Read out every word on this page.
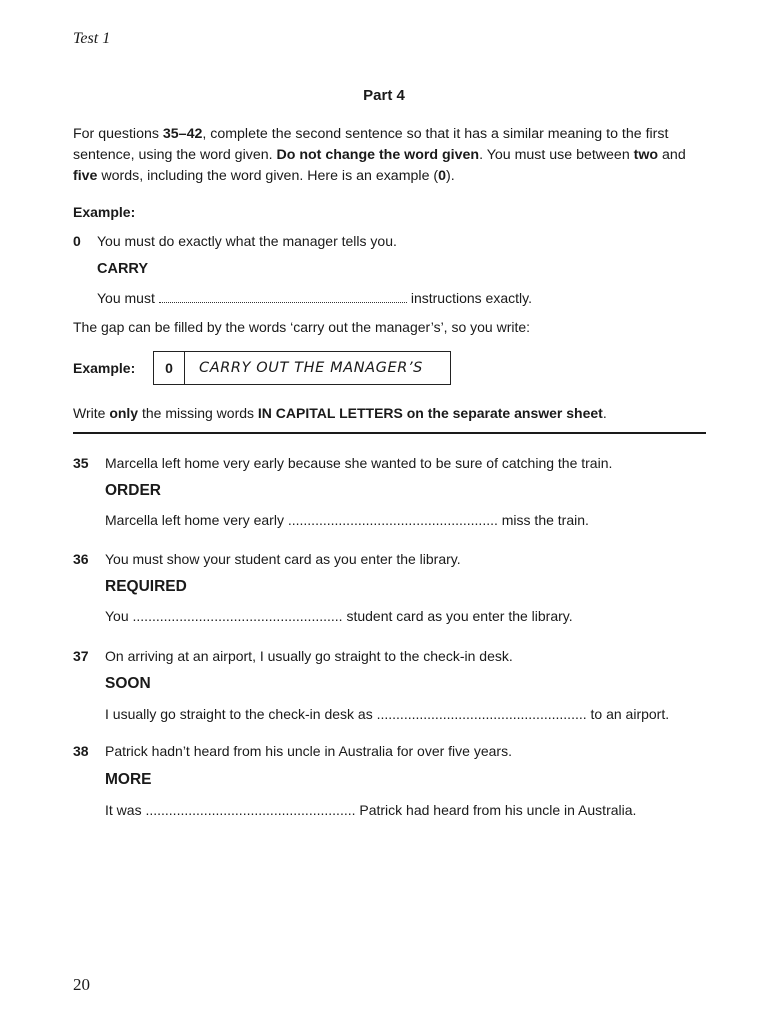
Test 1
Part 4
For questions 35–42, complete the second sentence so that it has a similar meaning to the first sentence, using the word given. Do not change the word given. You must use between two and five words, including the word given. Here is an example (0).
Example:
0 You must do exactly what the manager tells you.
CARRY
You must	instructions exactly.
The gap can be filled by the words ‘carry out the manager’s’, so you write:
Example:	0	CARRY OUT THE MANAGER’S
Write only the missing words IN CAPITAL LETTERS on the separate answer sheet.
35 Marcella left home very early because she wanted to be sure of catching the train.
ORDER
Marcella left home very early ...................................................... miss the train.
36 You must show your student card as you enter the library.
REQUIRED
You ...................................................... student card as you enter the library.
37 On arriving at an airport, I usually go straight to the check-in desk.
SOON
I usually go straight to the check-in desk as ...................................................... to an airport.
38 Patrick hadn’t heard from his uncle in Australia for over five years.
MORE
It was ...................................................... Patrick had heard from his uncle in Australia.
20
